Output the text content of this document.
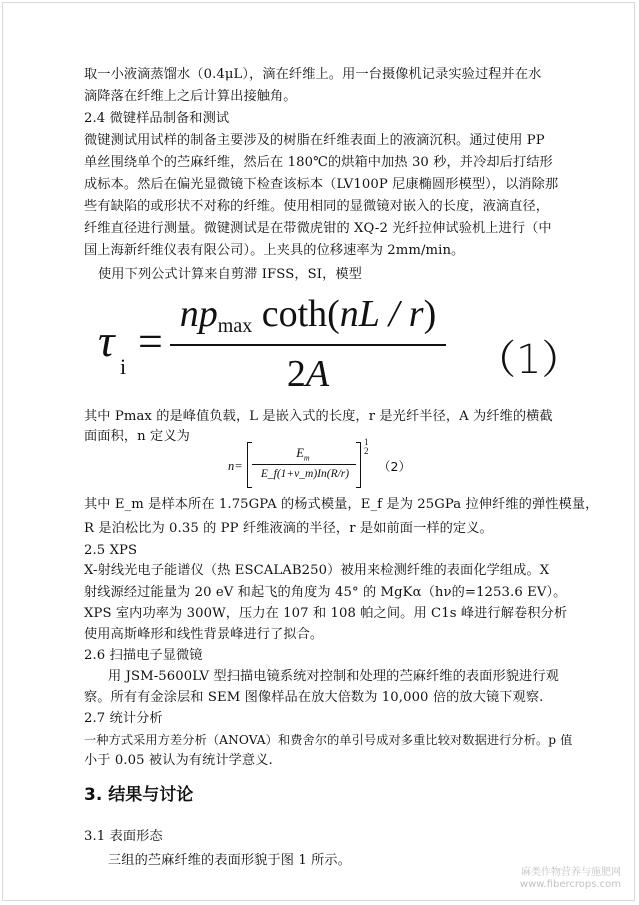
取一小液滴蒸馏水（0.4μL），滴在纤维上。用一台摄像机记录实验过程并在水

滴降落在纤维上之后计算出接触角。

2.4 微键样品制备和测试

微键测试用试样的制备主要涉及的树脂在纤维表面上的液滴沉积。通过使用 PP

单丝围绕单个的苎麻纤维，然后在 180℃的烘箱中加热 30 秒，并冷却后打结形

成标本。然后在偏光显微镜下检查该标本（LV100P 尼康椭圆形模型），以消除那

些有缺陷的或形状不对称的纤维。使用相同的显微镜对嵌入的长度，液滴直径，

纤维直径进行测量。微键测试是在带微虎钳的 XQ-2 光纤拉伸试验机上进行（中

国上海新纤维仪表有限公司）。上夹具的位移速率为 2mm/min。

使用下列公式计算来自剪滞 IFSS，SI，模型

τ
i
=
$np_{max}$ coth(nL / r)
2A	（1）

其中 Pmax 的是峰值负载，L 是嵌入式的长度，r 是光纤半径，A 为纤维的横截

面面积，n 定义为

n=
$E_m$
E_f(1+ν_m)In(R/r)
1
2
（2）

其中 E_m 是样本所在 1.75GPA 的杨式模量，E_f 是为 25GPa 拉伸纤维的弹性模量，

R 是泊松比为 0.35 的 PP 纤维液滴的半径，r 是如前面一样的定义。

2.5 XPS

X-射线光电子能谱仪（热 ESCALAB250）被用来检测纤维的表面化学组成。X

射线源经过能量为 20 eV 和起飞的角度为 45° 的 MgKα（hν的=1253.6 EV）。

XPS 室内功率为 300W，压力在 107 和 108 帕之间。用 C1s 峰进行解卷积分析

使用高斯峰形和线性背景峰进行了拟合。

2.6 扫描电子显微镜

用 JSM-5600LV 型扫描电镜系统对控制和处理的苎麻纤维的表面形貌进行观

察。所有有金涂层和 SEM 图像样品在放大倍数为 10,000 倍的放大镜下观察.

2.7 统计分析

一种方式采用方差分析（ANOVA）和费舍尔的单引号成对多重比较对数据进行分析。p 值

小于 0.05 被认为有统计学意义.

3. 结果与讨论

3.1 表面形态

三组的苎麻纤维的表面形貌于图 1 所示。

麻类作物营养与施肥网
www.fibercrops.com
